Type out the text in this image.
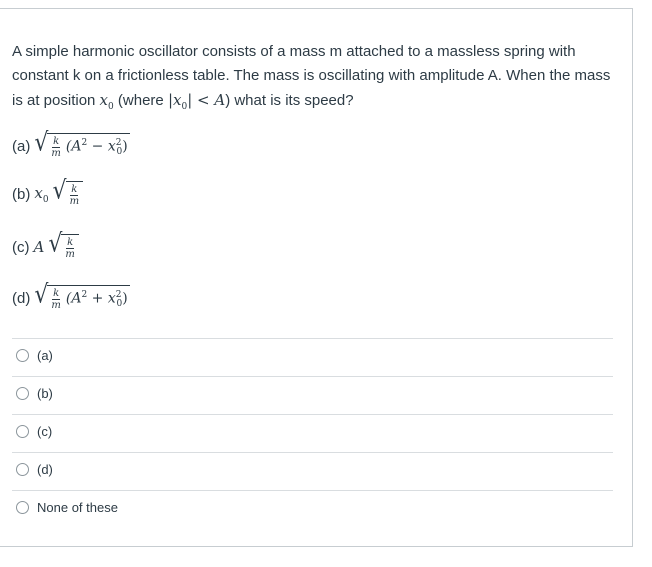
A simple harmonic oscillator consists of a mass m attached to a massless spring with constant k on a frictionless table. The mass is oscillating with amplitude A. When the mass is at position $x_0$ (where $|x_0| < A$) what is its speed?
(a) √ $\frac{k}{m} (A^2 - x^2_0)$
(b) $x_0$ √ $\frac{k}{m}$
(c) A √ $\frac{k}{m}$
(d) √ $\frac{k}{m} (A^2 + x^2_0)$
(a)
(b)
(c)
(d)
None of these
